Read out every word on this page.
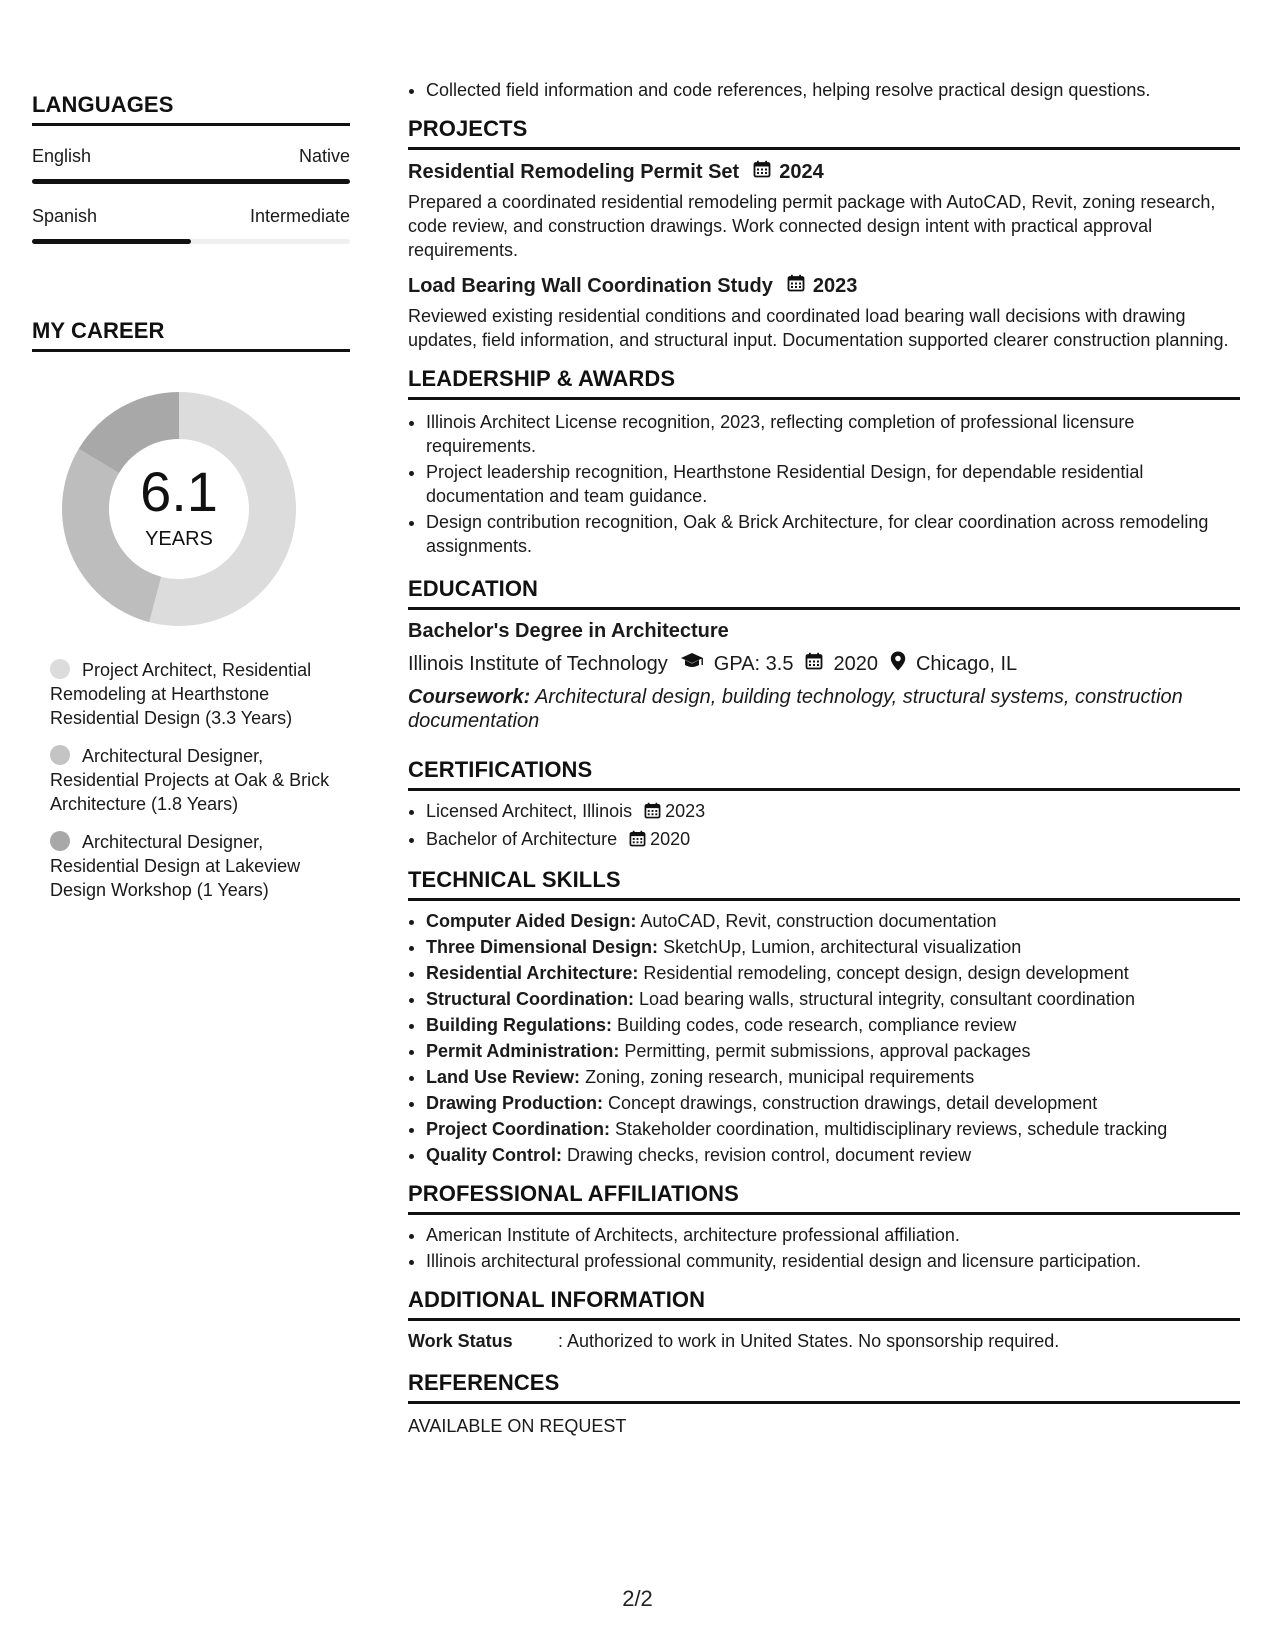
LANGUAGES
English	Native
Spanish	Intermediate
MY CAREER
6.1
YEARS
Project Architect, Residential Remodeling at Hearthstone Residential Design (3.3 Years)
Architectural Designer, Residential Projects at Oak & Brick Architecture (1.8 Years)
Architectural Designer, Residential Design at Lakeview Design Workshop (1 Years)
• Collected field information and code references, helping resolve practical design questions.
PROJECTS
Residential Remodeling Permit Set 2024
Prepared a coordinated residential remodeling permit package with AutoCAD, Revit, zoning research, code review, and construction drawings. Work connected design intent with practical approval requirements.
Load Bearing Wall Coordination Study 2023
Reviewed existing residential conditions and coordinated load bearing wall decisions with drawing updates, field information, and structural input. Documentation supported clearer construction planning.
LEADERSHIP & AWARDS
• Illinois Architect License recognition, 2023, reflecting completion of professional licensure requirements.
• Project leadership recognition, Hearthstone Residential Design, for dependable residential documentation and team guidance.
• Design contribution recognition, Oak & Brick Architecture, for clear coordination across remodeling assignments.
EDUCATION
Bachelor's Degree in Architecture
Illinois Institute of Technology GPA: 3.5 2020 Chicago, IL
Coursework: Architectural design, building technology, structural systems, construction documentation
CERTIFICATIONS
• Licensed Architect, Illinois 2023
• Bachelor of Architecture 2020
TECHNICAL SKILLS
• Computer Aided Design: AutoCAD, Revit, construction documentation
• Three Dimensional Design: SketchUp, Lumion, architectural visualization
• Residential Architecture: Residential remodeling, concept design, design development
• Structural Coordination: Load bearing walls, structural integrity, consultant coordination
• Building Regulations: Building codes, code research, compliance review
• Permit Administration: Permitting, permit submissions, approval packages
• Land Use Review: Zoning, zoning research, municipal requirements
• Drawing Production: Concept drawings, construction drawings, detail development
• Project Coordination: Stakeholder coordination, multidisciplinary reviews, schedule tracking
• Quality Control: Drawing checks, revision control, document review
PROFESSIONAL AFFILIATIONS
• American Institute of Architects, architecture professional affiliation.
• Illinois architectural professional community, residential design and licensure participation.
ADDITIONAL INFORMATION
Work Status	: Authorized to work in United States. No sponsorship required.
REFERENCES
AVAILABLE ON REQUEST
2/2
